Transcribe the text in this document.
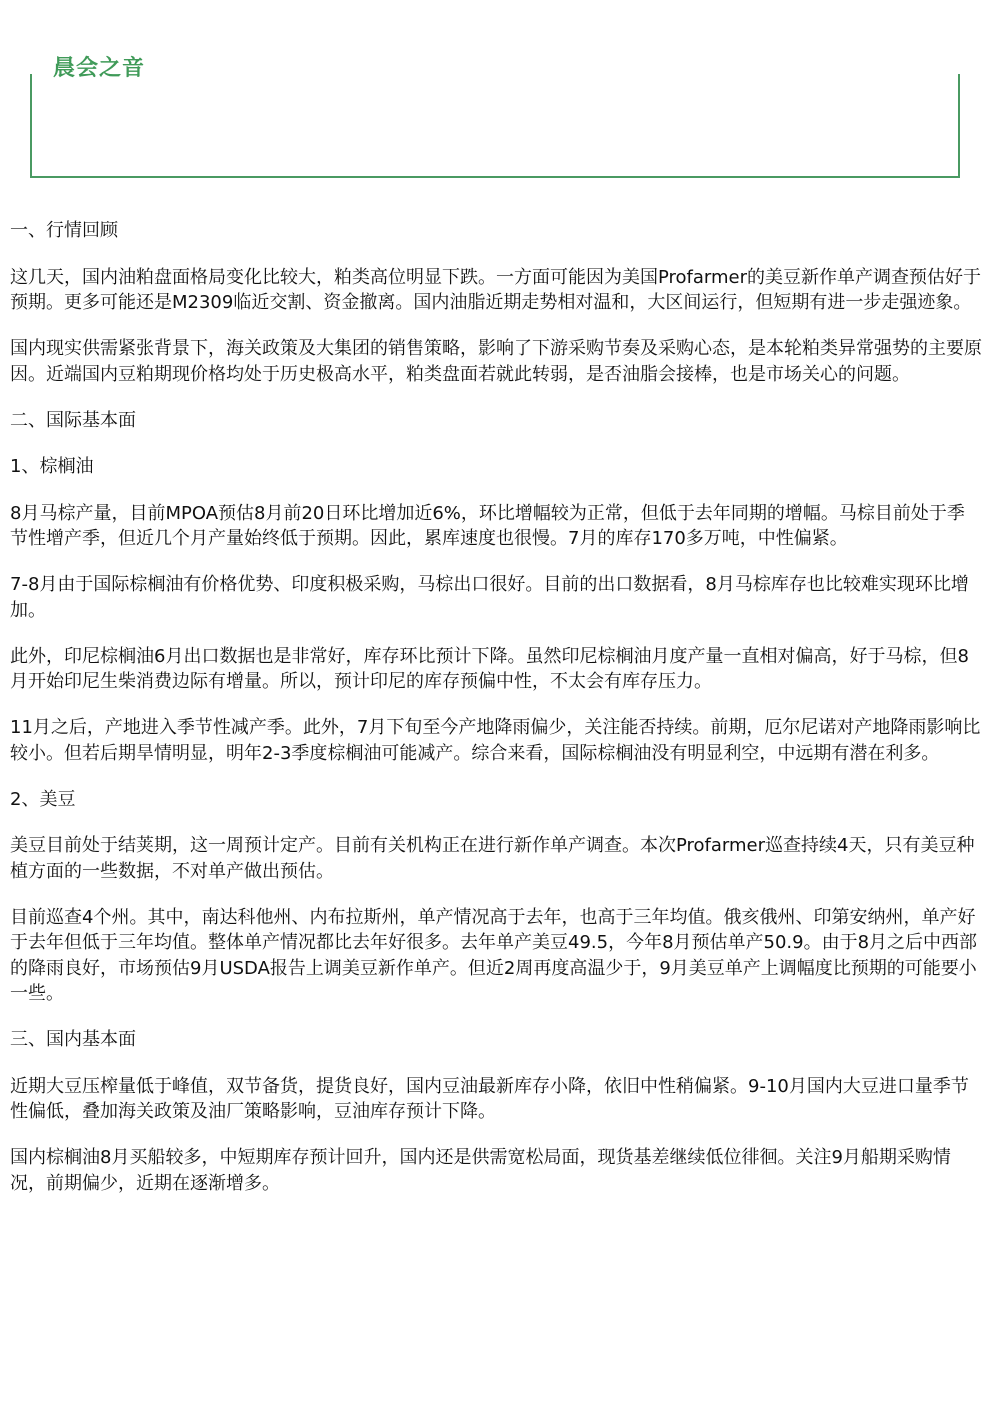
晨会之音

一、行情回顾

这几天，国内油粕盘面格局变化比较大，粕类高位明显下跌。一方面可能因为美国Profarmer的美豆新作单产调查预估好于预期。更多可能还是M2309临近交割、资金撤离。国内油脂近期走势相对温和，大区间运行，但短期有进一步走强迹象。

国内现实供需紧张背景下，海关政策及大集团的销售策略，影响了下游采购节奏及采购心态，是本轮粕类异常强势的主要原因。近端国内豆粕期现价格均处于历史极高水平，粕类盘面若就此转弱，是否油脂会接棒，也是市场关心的问题。

二、国际基本面

1、棕榈油

8月马棕产量，目前MPOA预估8月前20日环比增加近6%，环比增幅较为正常，但低于去年同期的增幅。马棕目前处于季节性增产季，但近几个月产量始终低于预期。因此，累库速度也很慢。7月的库存170多万吨，中性偏紧。

7-8月由于国际棕榈油有价格优势、印度积极采购，马棕出口很好。目前的出口数据看，8月马棕库存也比较难实现环比增加。

此外，印尼棕榈油6月出口数据也是非常好，库存环比预计下降。虽然印尼棕榈油月度产量一直相对偏高，好于马棕，但8月开始印尼生柴消费边际有增量。所以，预计印尼的库存预偏中性，不太会有库存压力。

11月之后，产地进入季节性减产季。此外，7月下旬至今产地降雨偏少，关注能否持续。前期，厄尔尼诺对产地降雨影响比较小。但若后期旱情明显，明年2-3季度棕榈油可能减产。综合来看，国际棕榈油没有明显利空，中远期有潜在利多。

2、美豆

美豆目前处于结荚期，这一周预计定产。目前有关机构正在进行新作单产调查。本次Profarmer巡查持续4天，只有美豆种植方面的一些数据，不对单产做出预估。

目前巡查4个州。其中，南达科他州、内布拉斯州，单产情况高于去年，也高于三年均值。俄亥俄州、印第安纳州，单产好于去年但低于三年均值。整体单产情况都比去年好很多。去年单产美豆49.5，今年8月预估单产50.9。由于8月之后中西部的降雨良好，市场预估9月USDA报告上调美豆新作单产。但近2周再度高温少于，9月美豆单产上调幅度比预期的可能要小一些。

三、国内基本面

近期大豆压榨量低于峰值，双节备货，提货良好，国内豆油最新库存小降，依旧中性稍偏紧。9-10月国内大豆进口量季节性偏低，叠加海关政策及油厂策略影响，豆油库存预计下降。

国内棕榈油8月买船较多，中短期库存预计回升，国内还是供需宽松局面，现货基差继续低位徘徊。关注9月船期采购情况，前期偏少，近期在逐渐增多。
